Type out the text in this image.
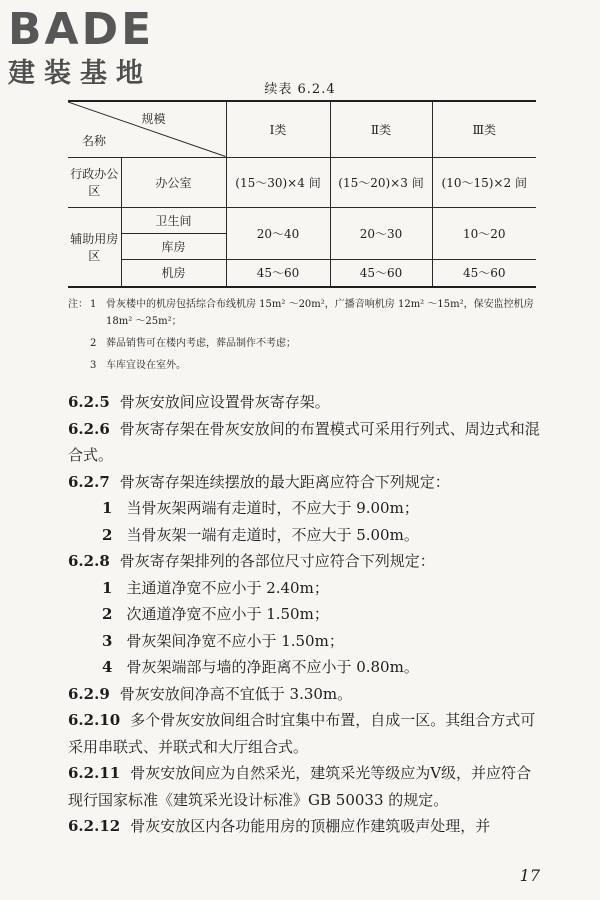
BADE
建装基地
续表 6.2.4
规模
名称		Ⅰ类	Ⅱ类	Ⅲ类
行政办公区	办公室	(15～30)×4 间	(15～20)×3 间	(10～15)×2 间
辅助用房区	卫生间	20～40	20～30	10～20
	库房			
	机房	45～60	45～60	45～60
注： 1 骨灰楼中的机房包括综合布线机房 15m² ～20m²，广播音响机房 12m² ～15m²，保安监控机房 18m² ～25m²；
2 葬品销售可在楼内考虑，葬品制作不考虑；
3 车库宜设在室外。
6.2.5 骨灰安放间应设置骨灰寄存架。
6.2.6 骨灰寄存架在骨灰安放间的布置模式可采用行列式、周边式和混合式。
6.2.7 骨灰寄存架连续摆放的最大距离应符合下列规定：
1 当骨灰架两端有走道时，不应大于 9.00m；
2 当骨灰架一端有走道时，不应大于 5.00m。
6.2.8 骨灰寄存架排列的各部位尺寸应符合下列规定：
1 主通道净宽不应小于 2.40m；
2 次通道净宽不应小于 1.50m；
3 骨灰架间净宽不应小于 1.50m；
4 骨灰架端部与墙的净距离不应小于 0.80m。
6.2.9 骨灰安放间净高不宜低于 3.30m。
6.2.10 多个骨灰安放间组合时宜集中布置，自成一区。其组合方式可采用串联式、并联式和大厅组合式。
6.2.11 骨灰安放间应为自然采光，建筑采光等级应为Ⅴ级，并应符合现行国家标准《建筑采光设计标准》GB 50033 的规定。
6.2.12 骨灰安放区内各功能用房的顶棚应作建筑吸声处理，并
17
